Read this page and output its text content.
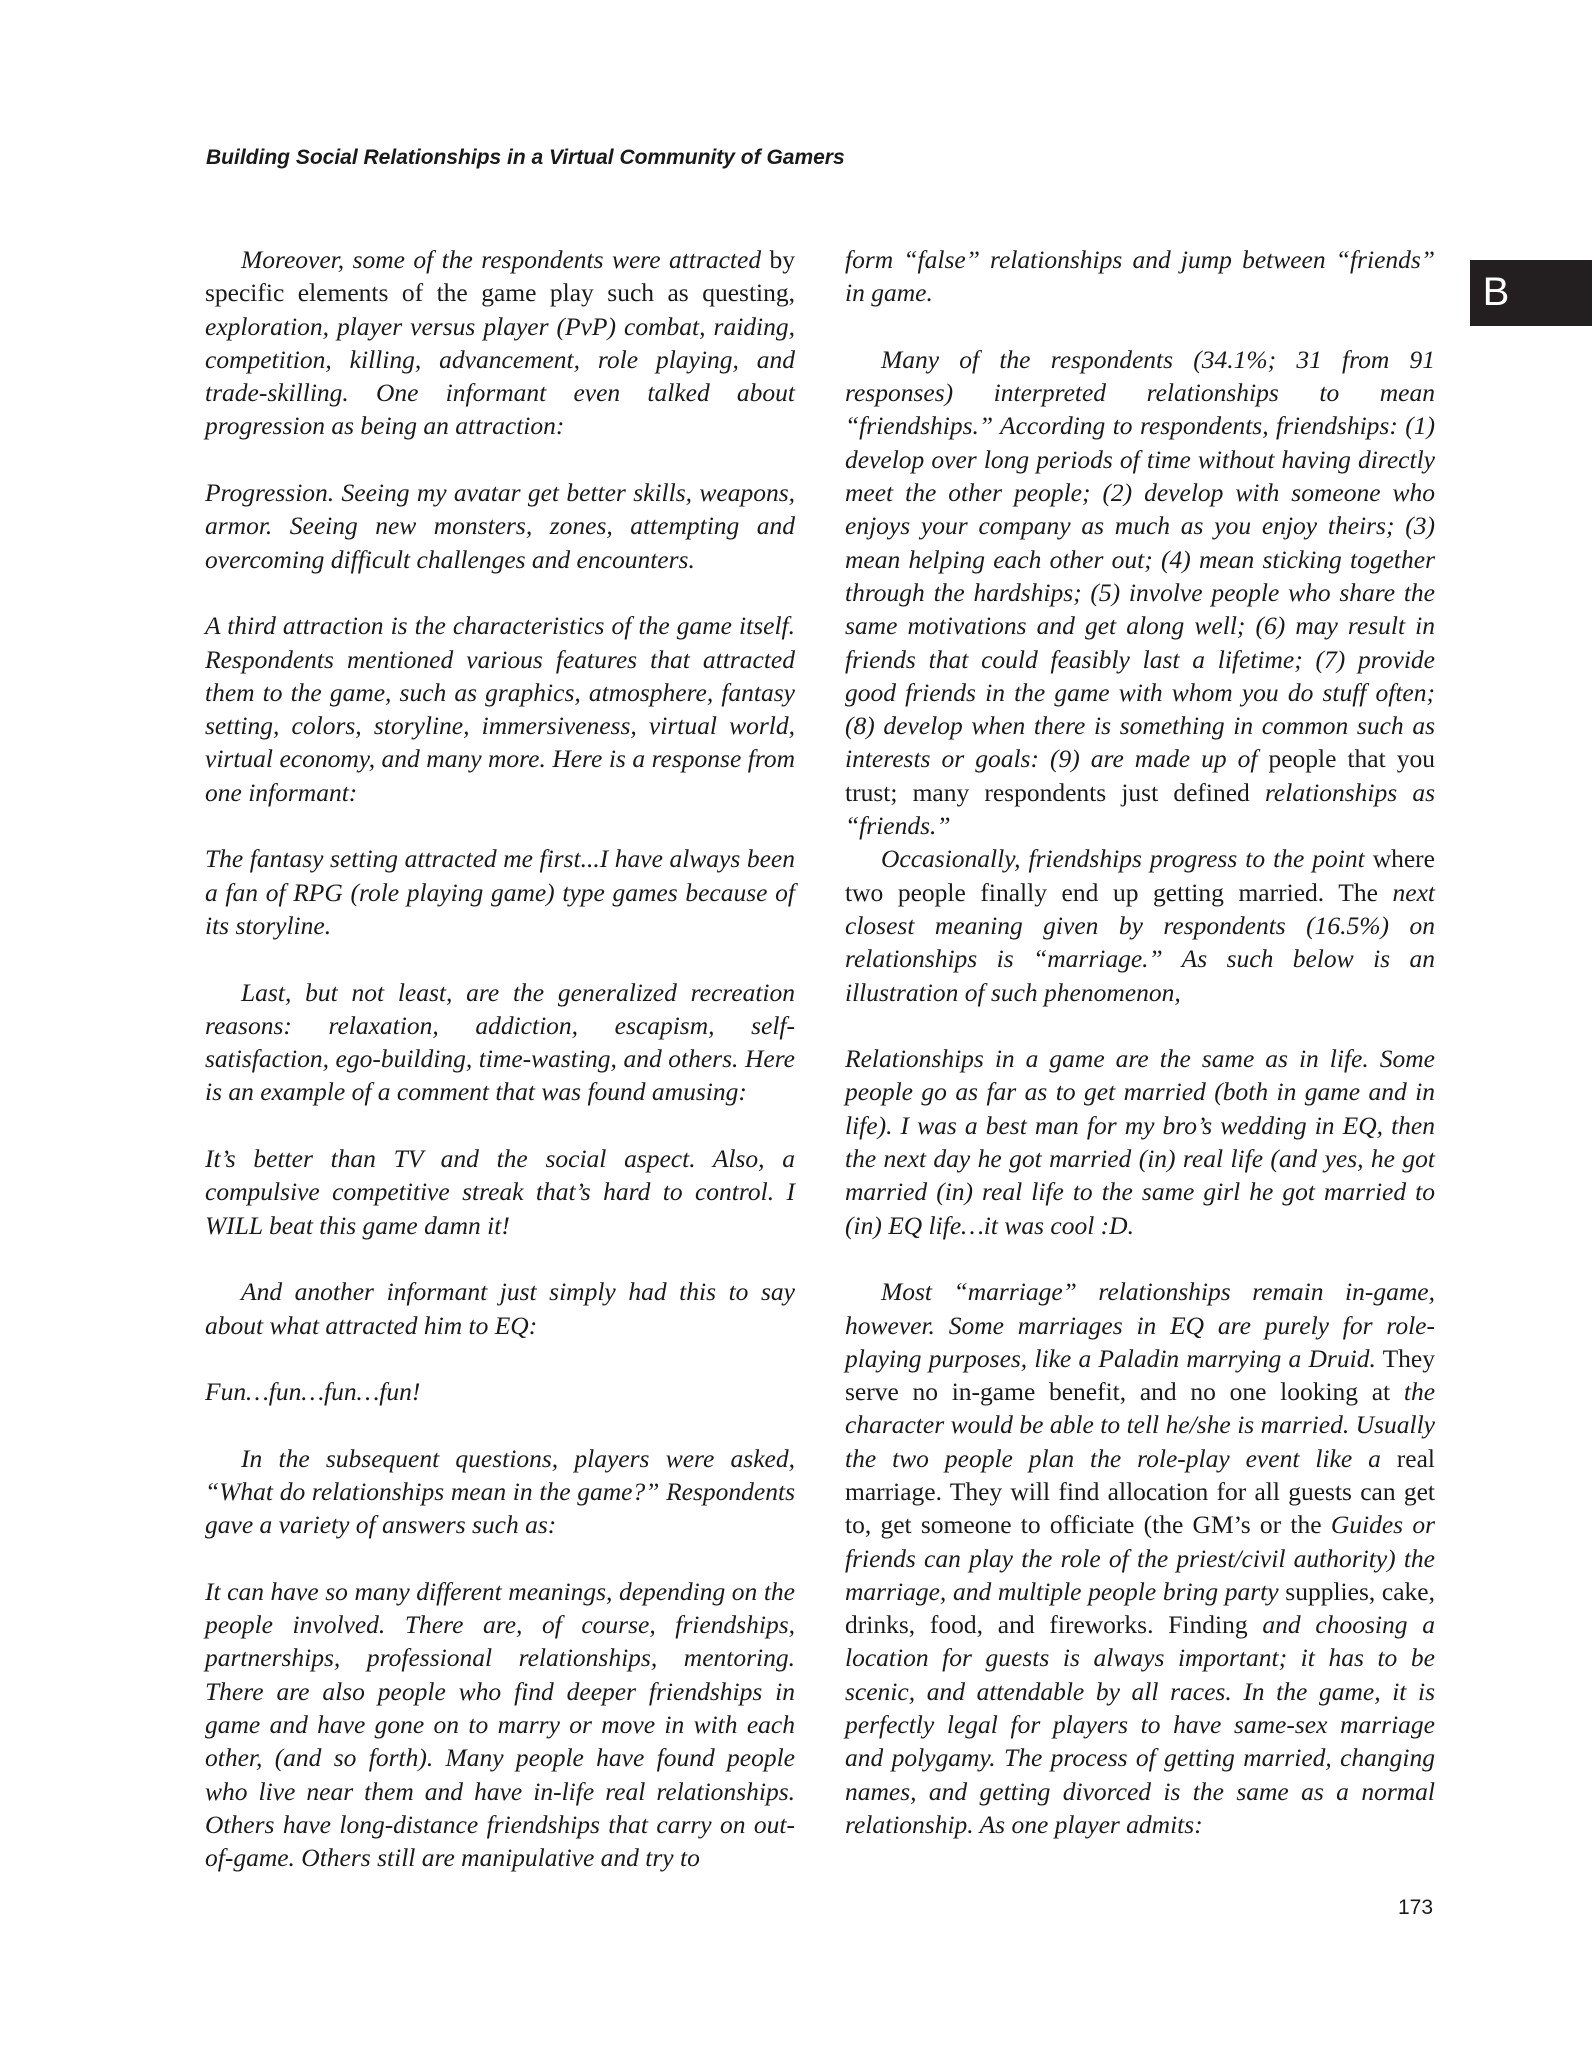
Building Social Relationships in a Virtual Community of Gamers
B

Moreover, some of the respondents were attracted by specific elements of the game play such as questing, exploration, player versus player (PvP) combat, raiding, competition, killing, advancement, role playing, and trade-skilling. One informant even talked about progression as being an attraction:

Progression. Seeing my avatar get better skills, weapons, armor. Seeing new monsters, zones, attempting and overcoming difficult challenges and encounters.

A third attraction is the characteristics of the game itself. Respondents mentioned various features that attracted them to the game, such as graphics, atmosphere, fantasy setting, colors, storyline, immersiveness, virtual world, virtual economy, and many more. Here is a response from one informant:

The fantasy setting attracted me first...I have always been a fan of RPG (role playing game) type games because of its storyline.

Last, but not least, are the generalized recreation reasons: relaxation, addiction, escapism, self-satisfaction, ego-building, time-wasting, and others. Here is an example of a comment that was found amusing:

It’s better than TV and the social aspect. Also, a compulsive competitive streak that’s hard to control. I WILL beat this game damn it!

And another informant just simply had this to say about what attracted him to EQ:

Fun…fun…fun…fun!

In the subsequent questions, players were asked, “What do relationships mean in the game?” Respondents gave a variety of answers such as:

It can have so many different meanings, depending on the people involved. There are, of course, friendships, partnerships, professional relationships, mentoring. There are also people who find deeper friendships in game and have gone on to marry or move in with each other, (and so forth). Many people have found people who live near them and have in-life real relationships. Others have long-distance friendships that carry on out-of-game. Others still are manipulative and try to

form “false” relationships and jump between “friends” in game.

Many of the respondents (34.1%; 31 from 91 responses) interpreted relationships to mean “friendships.” According to respondents, friendships: (1) develop over long periods of time without having directly meet the other people; (2) develop with someone who enjoys your company as much as you enjoy theirs; (3) mean helping each other out; (4) mean sticking together through the hardships; (5) involve people who share the same motivations and get along well; (6) may result in friends that could feasibly last a lifetime; (7) provide good friends in the game with whom you do stuff often; (8) develop when there is something in common such as interests or goals: (9) are made up of people that you trust; many respondents just defined relationships as “friends.”

Occasionally, friendships progress to the point where two people finally end up getting married. The next closest meaning given by respondents (16.5%) on relationships is “marriage.” As such below is an illustration of such phenomenon,

Relationships in a game are the same as in life. Some people go as far as to get married (both in game and in life). I was a best man for my bro’s wedding in EQ, then the next day he got married (in) real life (and yes, he got married (in) real life to the same girl he got married to (in) EQ life…it was cool :D.

Most “marriage” relationships remain in-game, however. Some marriages in EQ are purely for role-playing purposes, like a Paladin marrying a Druid. They serve no in-game benefit, and no one looking at the character would be able to tell he/she is married. Usually the two people plan the role-play event like a real marriage. They will find allocation for all guests can get to, get someone to officiate (the GM’s or the Guides or friends can play the role of the priest/civil authority) the marriage, and multiple people bring party supplies, cake, drinks, food, and fireworks. Finding and choosing a location for guests is always important; it has to be scenic, and attendable by all races. In the game, it is perfectly legal for players to have same-sex marriage and polygamy. The process of getting married, changing names, and getting divorced is the same as a normal relationship. As one player admits:

173
